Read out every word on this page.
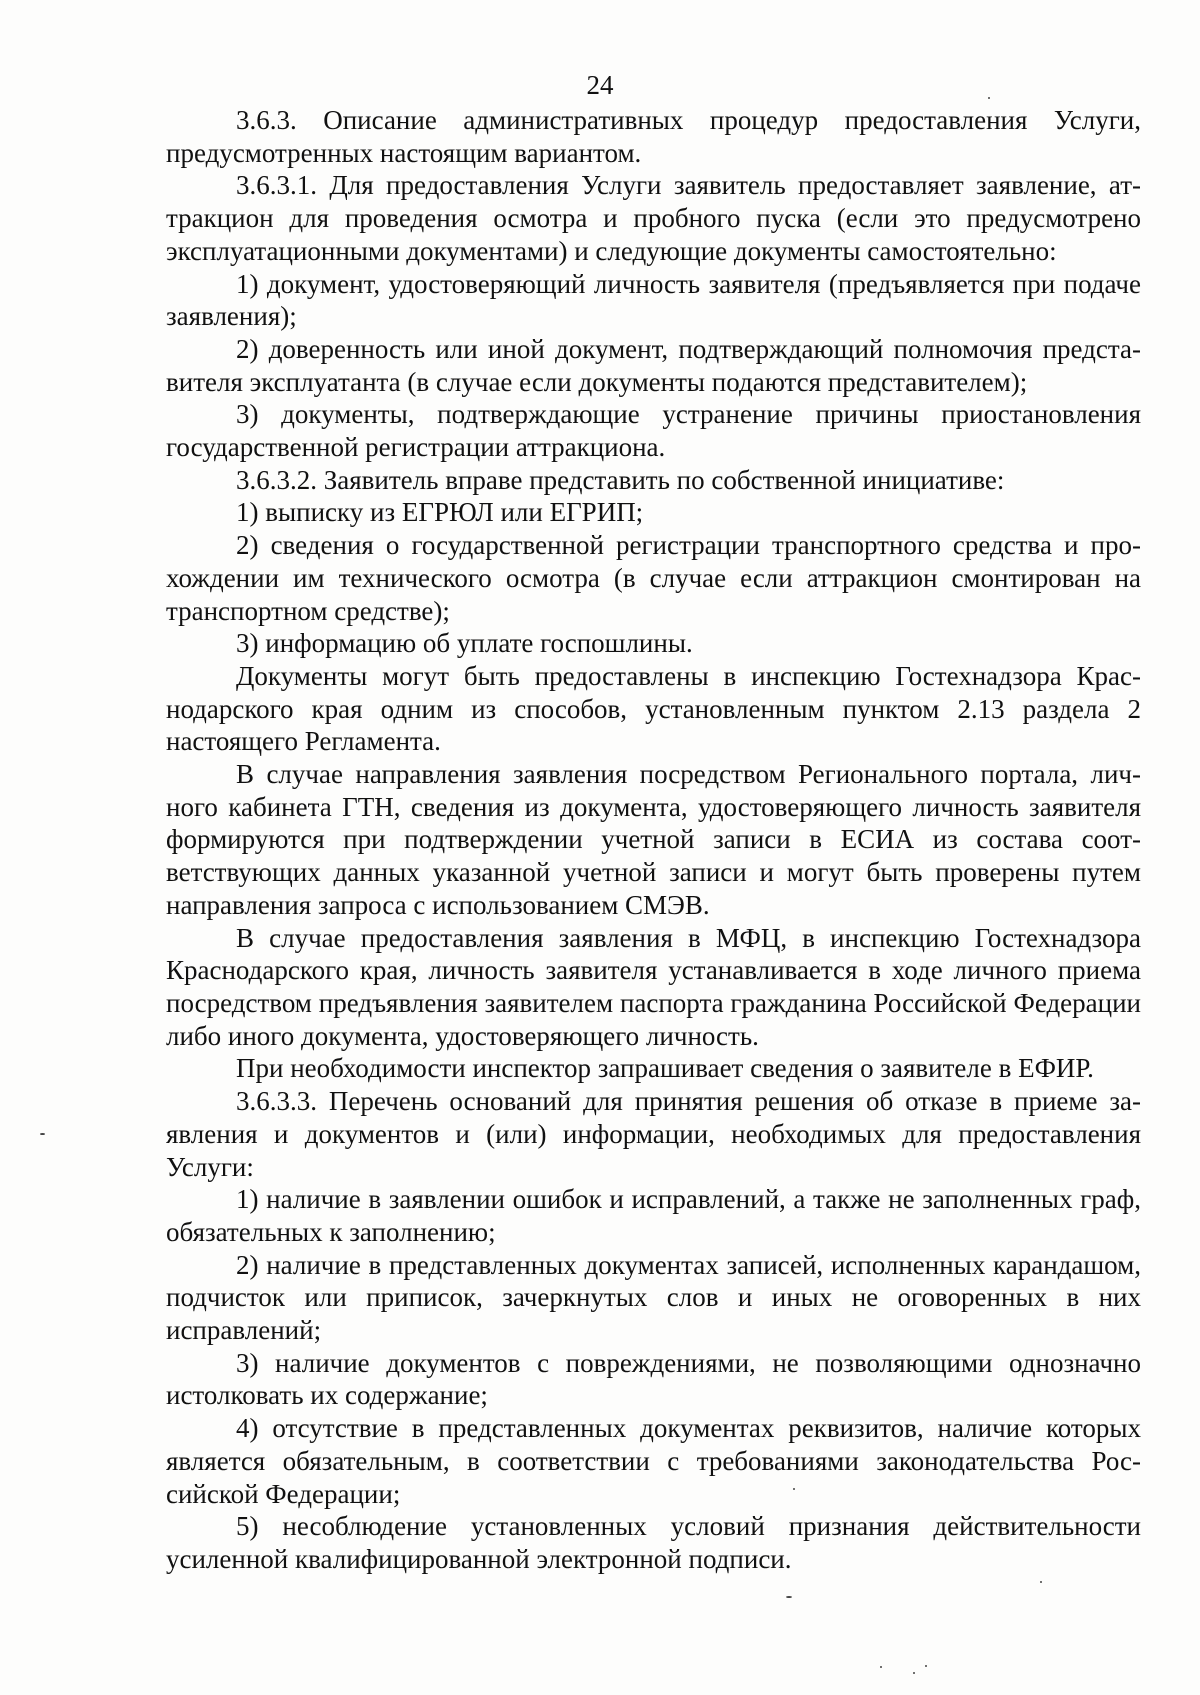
24

3.6.3. Описание административных процедур предоставления Услуги, предусмотренных настоящим вариантом.

3.6.3.1. Для предоставления Услуги заявитель предоставляет заявление, аттракцион для проведения осмотра и пробного пуска (если это предусмотрено эксплуатационными документами) и следующие документы самостоятельно:

1) документ, удостоверяющий личность заявителя (предъявляется при подаче заявления);

2) доверенность или иной документ, подтверждающий полномочия представителя эксплуатанта (в случае если документы подаются представителем);

3) документы, подтверждающие устранение причины приостановления государственной регистрации аттракциона.

3.6.3.2. Заявитель вправе представить по собственной инициативе:

1) выписку из ЕГРЮЛ или ЕГРИП;

2) сведения о государственной регистрации транспортного средства и прохождении им технического осмотра (в случае если аттракцион смонтирован на транспортном средстве);

3) информацию об уплате госпошлины.

Документы могут быть предоставлены в инспекцию Гостехнадзора Краснодарского края одним из способов, установленным пунктом 2.13 раздела 2 настоящего Регламента.

В случае направления заявления посредством Регионального портала, личного кабинета ГТН, сведения из документа, удостоверяющего личность заявителя формируются при подтверждении учетной записи в ЕСИА из состава соответствующих данных указанной учетной записи и могут быть проверены путем направления запроса с использованием СМЭВ.

В случае предоставления заявления в МФЦ, в инспекцию Гостехнадзора Краснодарского края, личность заявителя устанавливается в ходе личного приема посредством предъявления заявителем паспорта гражданина Российской Федерации либо иного документа, удостоверяющего личность.

При необходимости инспектор запрашивает сведения о заявителе в ЕФИР.

3.6.3.3. Перечень оснований для принятия решения об отказе в приеме заявления и документов и (или) информации, необходимых для предоставления Услуги:

1) наличие в заявлении ошибок и исправлений, а также не заполненных граф, обязательных к заполнению;

2) наличие в представленных документах записей, исполненных карандашом, подчисток или приписок, зачеркнутых слов и иных не оговоренных в них исправлений;

3) наличие документов с повреждениями, не позволяющими однозначно истолковать их содержание;

4) отсутствие в представленных документах реквизитов, наличие которых является обязательным, в соответствии с требованиями законодательства Российской Федерации;

5) несоблюдение установленных условий признания действительности усиленной квалифицированной электронной подписи.
